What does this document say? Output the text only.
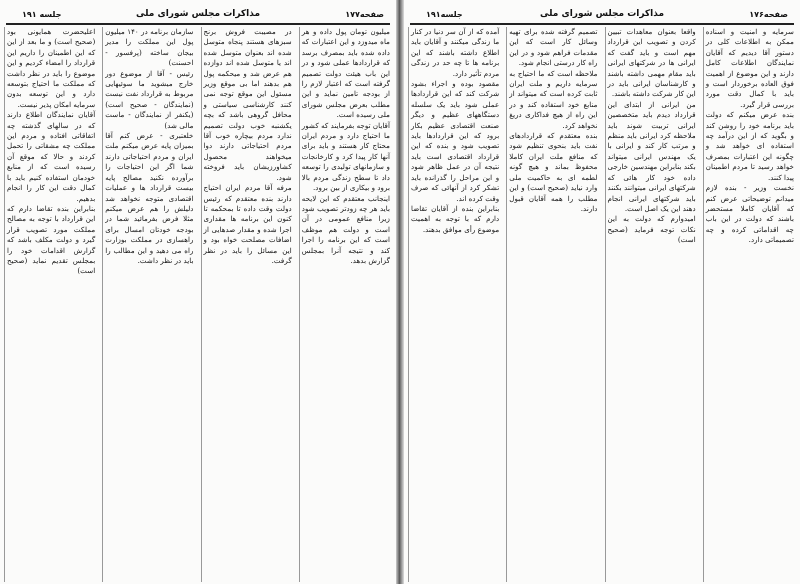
صفحه۱۷۷
مذاکرات مجلس شورای ملی
جلسه ۱۹۱

میلیون تومان پول داده و هر ماه میدوزد و این اعتبارات که داده شده باید بمصرف برسد که قراردادها عملی شود و در این باب هیئت دولت تصمیم گرفته است که اعتبار لازم را از بودجه تامین نماید و این مطلب بعرض مجلس شورای ملی رسیده است.

آقایان توجه بفرمایند که کشور ما احتیاج دارد و مردم ایران محتاج کار هستند و باید برای آنها کار پیدا کرد و کارخانجات و سازمانهای تولیدی را توسعه داد تا سطح زندگی مردم بالا برود و بیکاری از بین برود.

اینجانب معتقدم که این لایحه باید هر چه زودتر تصویب شود زیرا منافع عمومی در آن است و دولت هم موظف است که این برنامه را اجرا کند و نتیجه آنرا بمجلس گزارش بدهد.

در مصیبت فروش برنج سبزهای هستند پنجاه متوسل شده اند بعنوان متوسل شده اند یا متوسل شده اند دوازده هم عرض شد و میحکمه پول هم بدهند اما بی موقع وزیر مسئول این موقع توجه نمی کنند کارشناسی سیاستی و محافل گروهی باشد که بچه یکشنبه خوب دولت تصمیم ندارد مردم بیچاره خوب آقا مردم احتیاجاتی دارند دوا میخواهند محصول کشاورزیشان باید فروخته شود.

مرفه آقا مردم ایران احتیاج دارند بنده معتقدم که رئیس دولت وقت داده تا بمحکمه تا کنون این برنامه ها مقداری اجرا شده و مقدار صدهایی از اضافات مصلحت خواه بود و این مسائل را باید در نظر گرفت.

سازمان برنامه در ۱۴۰ میلیون پول این مملکت را مدیر بیجان ساخته (پرفسور - احسنت)

رئیس - آقا از موضوع دور خارج میشوید ما سوئیهایی مربوط به قرارداد نفت نیست (نمایندگان - صحیح است) (یکنفر از نمایندگان - ماست مالی شد)

خلعتبری - عرض کنم آقا بمیزان پایه عرض میکنم ملت ایران و مردم احتیاجاتی دارند شما اگر این احتیاجات را برآورده نکنید مصالح پایه بیست قرارداد ها و عملیات اقتصادی متوجه نخواهد شد دلیلش را هم عرض میکنم مثلا فرض بفرمائید شما در بودجه خودتان امسال برای راهسازی در مملکت بوزارت راه می دهید و این مطالب را باید در نظر داشت.

اعلیحضرت همایونی بود (صحیح است) و ما بعد از این که این اطمینان را داریم این قرارداد را امضاء کردیم و این موضوع را باید در نظر داشت که مملکت ما احتیاج بتوسعه دارد و این توسعه بدون سرمایه امکان پذیر نیست.

آقایان نمایندگان اطلاع دارند که در سالهای گذشته چه اتفاقاتی افتاده و مردم این مملکت چه مشقاتی را تحمل کردند و حالا که موقع آن رسیده است که از منابع خودمان استفاده کنیم باید با کمال دقت این کار را انجام بدهیم.

بنابراین بنده تقاضا دارم که این قرارداد با توجه به مصالح مملکت مورد تصویب قرار گیرد و دولت مکلف باشد که گزارش اقدامات خود را بمجلس تقدیم نماید (صحیح است)

صفحه۱۷۶
مذاکرات مجلس شورای ملی
جلسه۱۹۱

سرمایه و امنیت و اسناده ممکن به اطلاعات کلی در دستور آقا دیدیم که آقایان نمایندگان اطلاعات کامل دارند و این موضوع از اهمیت فوق العاده برخوردار است و باید با کمال دقت مورد بررسی قرار گیرد.

بنده عرض میکنم که دولت باید برنامه خود را روشن کند و بگوید که از این درآمد چه استفاده ای خواهد شد و چگونه این اعتبارات بمصرف خواهد رسید تا مردم اطمینان پیدا کنند.

نخست وزیر - بنده لازم میدانم توضیحاتی عرض کنم که آقایان کاملا مستحضر باشند که دولت در این باب چه اقداماتی کرده و چه تصمیماتی دارد.

واقعا بعنوان معاهدات تبیین کردن و تصویب این قرارداد مهم است و باید گفت که ایرانی ها در شرکتهای ایرانی باید مقام مهمی داشته باشند و کارشناسان ایرانی باید در این کار شرکت داشته باشند.

من ایرانی از ابتدای این قرارداد دیدم باید متخصصین ایرانی تربیت شوند باید ملاحظه کرد ایرانی باید منظم و مرتب کار کند و ایرانی با یک مهندس ایرانی میتواند بکند بنابراین مهندسین خارجی داده خود کار هائی که شرکتهای ایرانی میتوانند بکنند باید شرکتهای ایرانی انجام دهند این یک اصل است.

امیدوارم که دولت به این نکات توجه فرماید (صحیح است)

تصمیم گرفته شده برای تهیه وسائل کار است که این مقدمات فراهم شود و در این راه کار درستی انجام شود.

ملاحظه است که ما احتیاج به سرمایه داریم و ملت ایران ثابت کرده است که میتواند از منابع خود استفاده کند و در این راه از هیچ فداکاری دریغ نخواهد کرد.

بنده معتقدم که قراردادهای نفت باید بنحوی تنظیم شود که منافع ملت ایران کاملا محفوظ بماند و هیچ گونه لطمه ای به حاکمیت ملی وارد نیاید (صحیح است) و این مطلب را همه آقایان قبول دارند.

آمده که از آن سر دنیا در کنار ما زندگی میکنند و آقایان باید اطلاع داشته باشند که این برنامه ها تا چه حد در زندگی مردم تأثیر دارد.

مقصود بوده و اجراء بشود شرکت کند که این قراردادها عملی شود باید یک سلسله دستگاههای عظیم و دیگر صنعت اقتصادی عظیم بکار برود که این قراردادها باید تصویب شود و بنده که این قرارداد اقتصادی است باید نتیجه آن در عمل ظاهر شود و این مراحل را گذرانده باید تشکر کرد از آنهائی که صرف وقت کرده اند.

بنابراین بنده از آقایان تقاضا دارم که با توجه به اهمیت موضوع رأی موافق بدهند.
